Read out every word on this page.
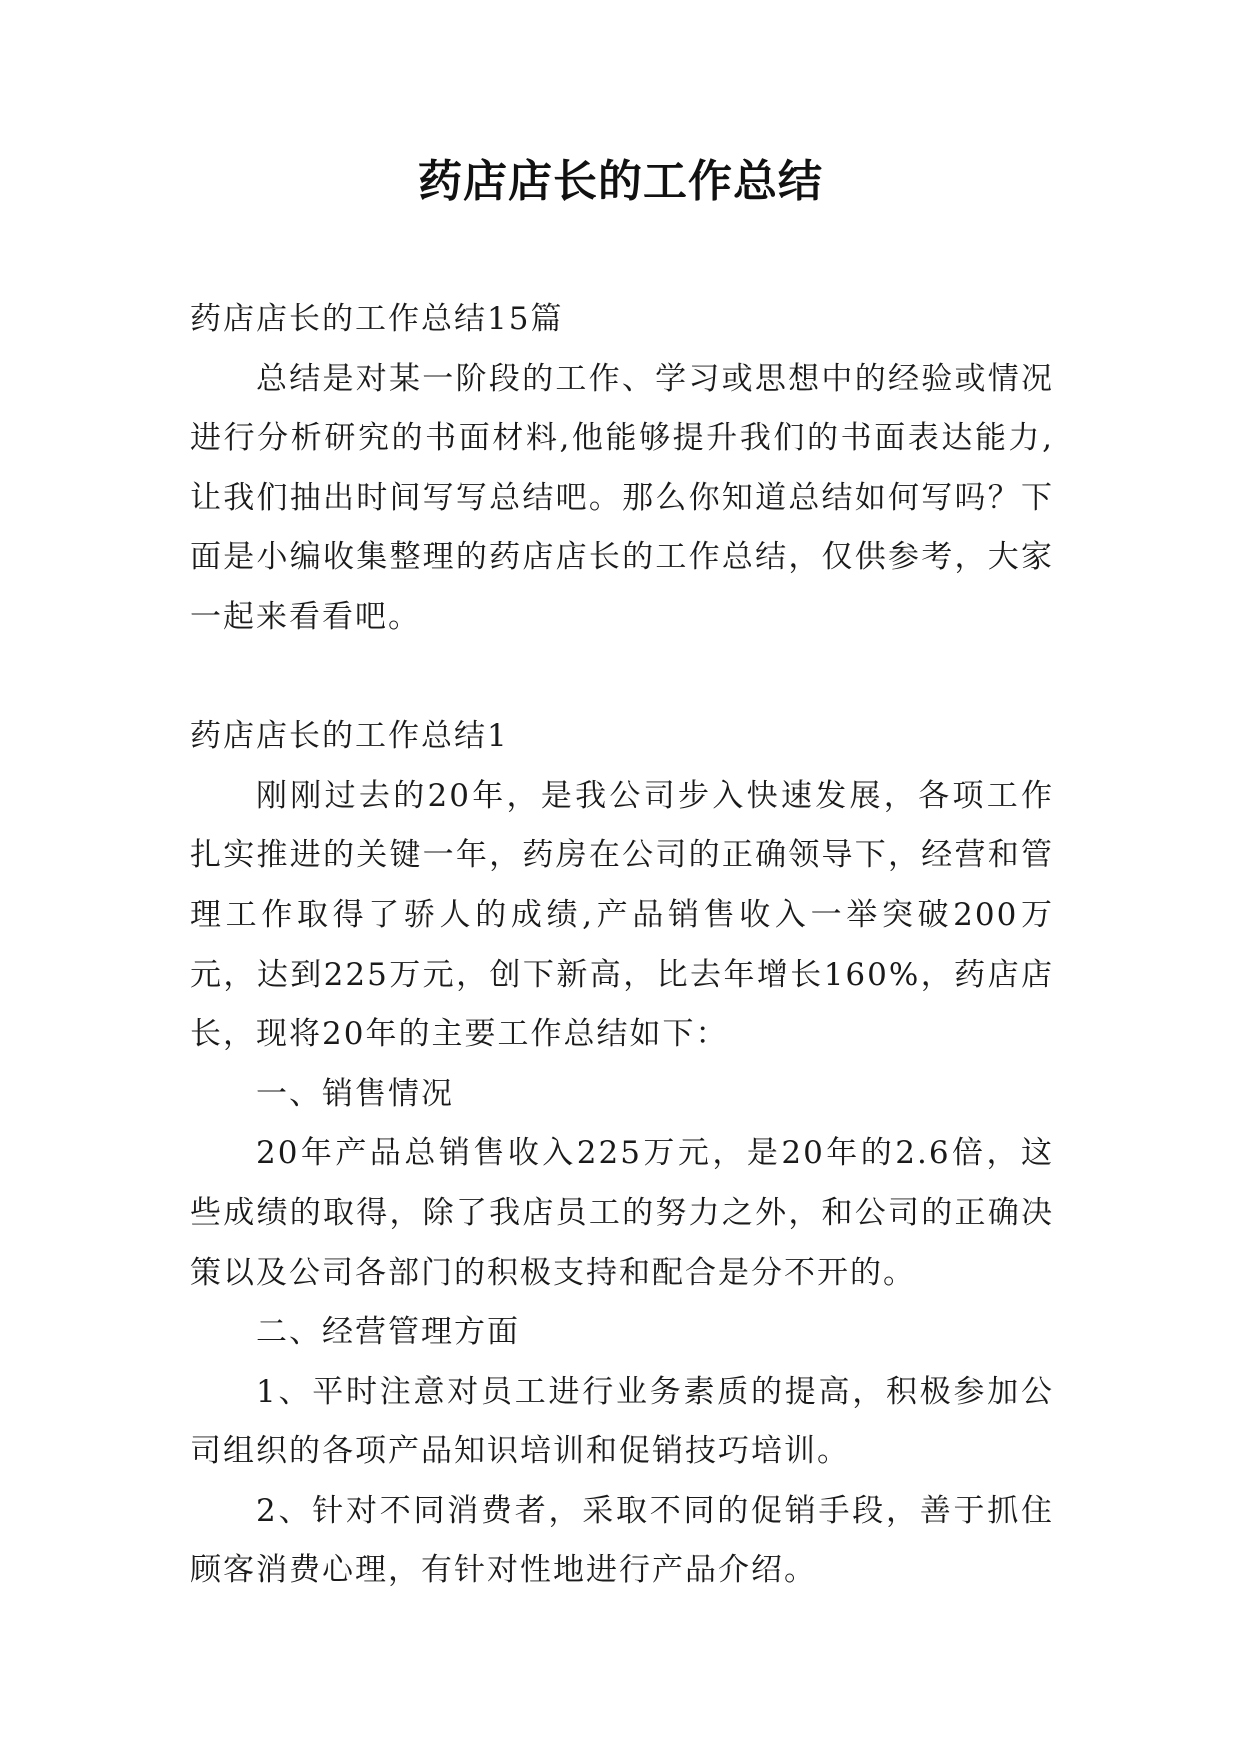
药店店长的工作总结

药店店长的工作总结15篇

总结是对某一阶段的工作、学习或思想中的经验或情况进行分析研究的书面材料,他能够提升我们的书面表达能力,让我们抽出时间写写总结吧。那么你知道总结如何写吗？下面是小编收集整理的药店店长的工作总结，仅供参考，大家一起来看看吧。

药店店长的工作总结1

刚刚过去的20年，是我公司步入快速发展，各项工作扎实推进的关键一年，药房在公司的正确领导下，经营和管理工作取得了骄人的成绩,产品销售收入一举突破200万元，达到225万元，创下新高，比去年增长160%，药店店长，现将20年的主要工作总结如下：

一、销售情况

20年产品总销售收入225万元，是20年的2.6倍，这些成绩的取得，除了我店员工的努力之外，和公司的正确决策以及公司各部门的积极支持和配合是分不开的。

二、经营管理方面

1、平时注意对员工进行业务素质的提高，积极参加公司组织的各项产品知识培训和促销技巧培训。

2、针对不同消费者，采取不同的促销手段，善于抓住顾客消费心理，有针对性地进行产品介绍。
